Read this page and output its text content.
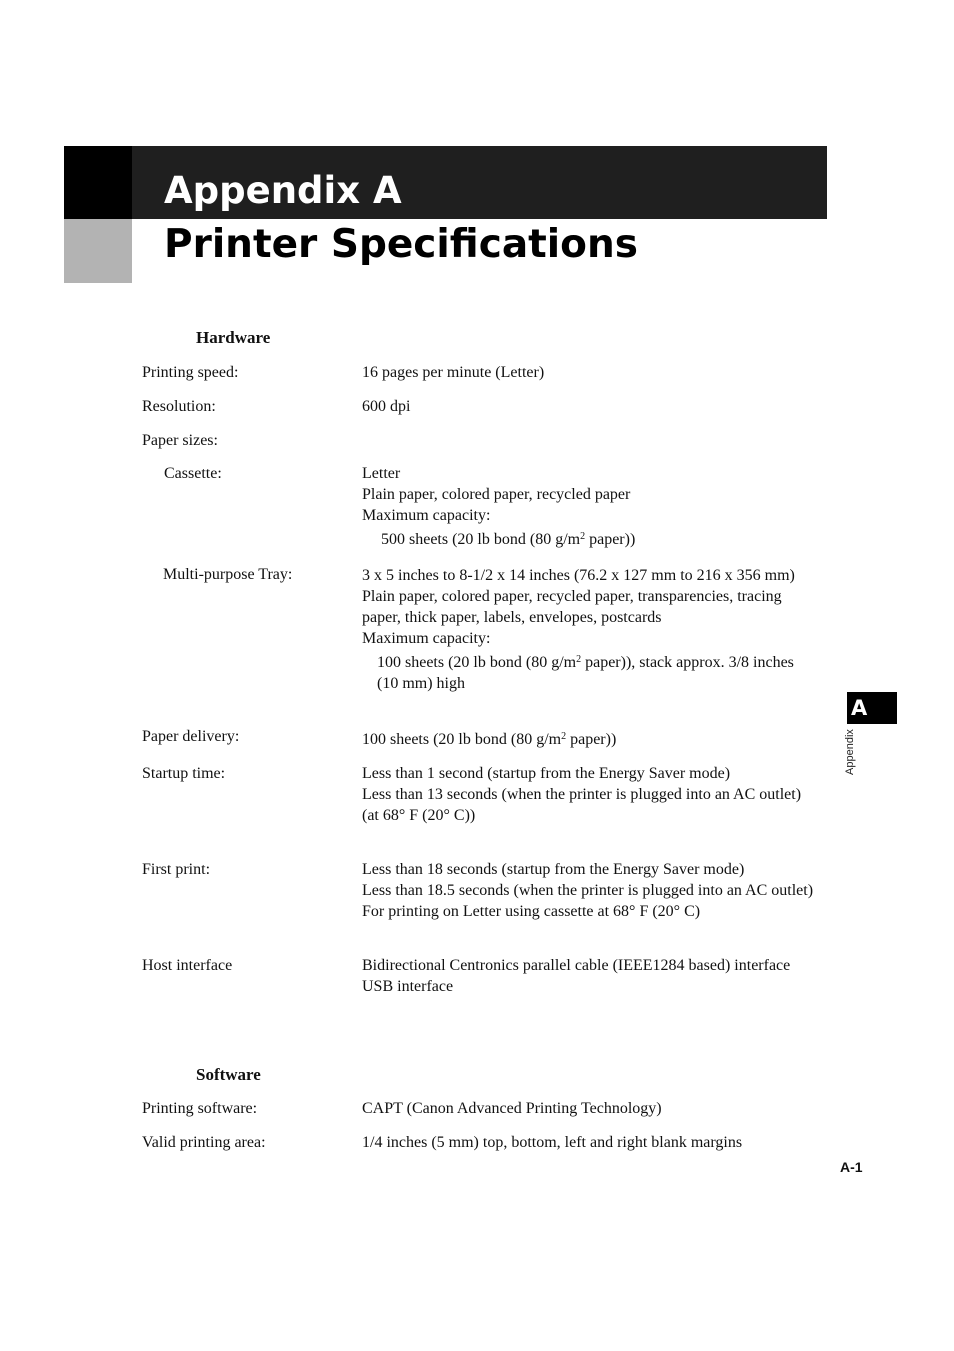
Appendix A
Printer Specifications
Hardware
Printing speed:	16 pages per minute (Letter)
Resolution:	600 dpi
Paper sizes:
Cassette:	Letter
Plain paper, colored paper, recycled paper
Maximum capacity:
500 sheets (20 lb bond (80 $g/m^2$ paper))
Multi-purpose Tray:	3 x 5 inches to 8-1/2 x 14 inches (76.2 x 127 mm to 216 x 356 mm)
Plain paper, colored paper, recycled paper, transparencies, tracing paper, thick paper, labels, envelopes, postcards
Maximum capacity:
100 sheets (20 lb bond (80 $g/m^2$ paper)), stack approx. 3/8 inches (10 mm) high
Paper delivery:	100 sheets (20 lb bond (80 $g/m^2$ paper))
Startup time:	Less than 1 second (startup from the Energy Saver mode)
Less than 13 seconds (when the printer is plugged into an AC outlet)
(at 68° F (20° C))
First print:	Less than 18 seconds (startup from the Energy Saver mode)
Less than 18.5 seconds (when the printer is plugged into an AC outlet)
For printing on Letter using cassette at 68° F (20° C)
Host interface	Bidirectional Centronics parallel cable (IEEE1284 based) interface
USB interface
Software
Printing software:	CAPT (Canon Advanced Printing Technology)
Valid printing area:	1/4 inches (5 mm) top, bottom, left and right blank margins
A
Appendix
A-1
